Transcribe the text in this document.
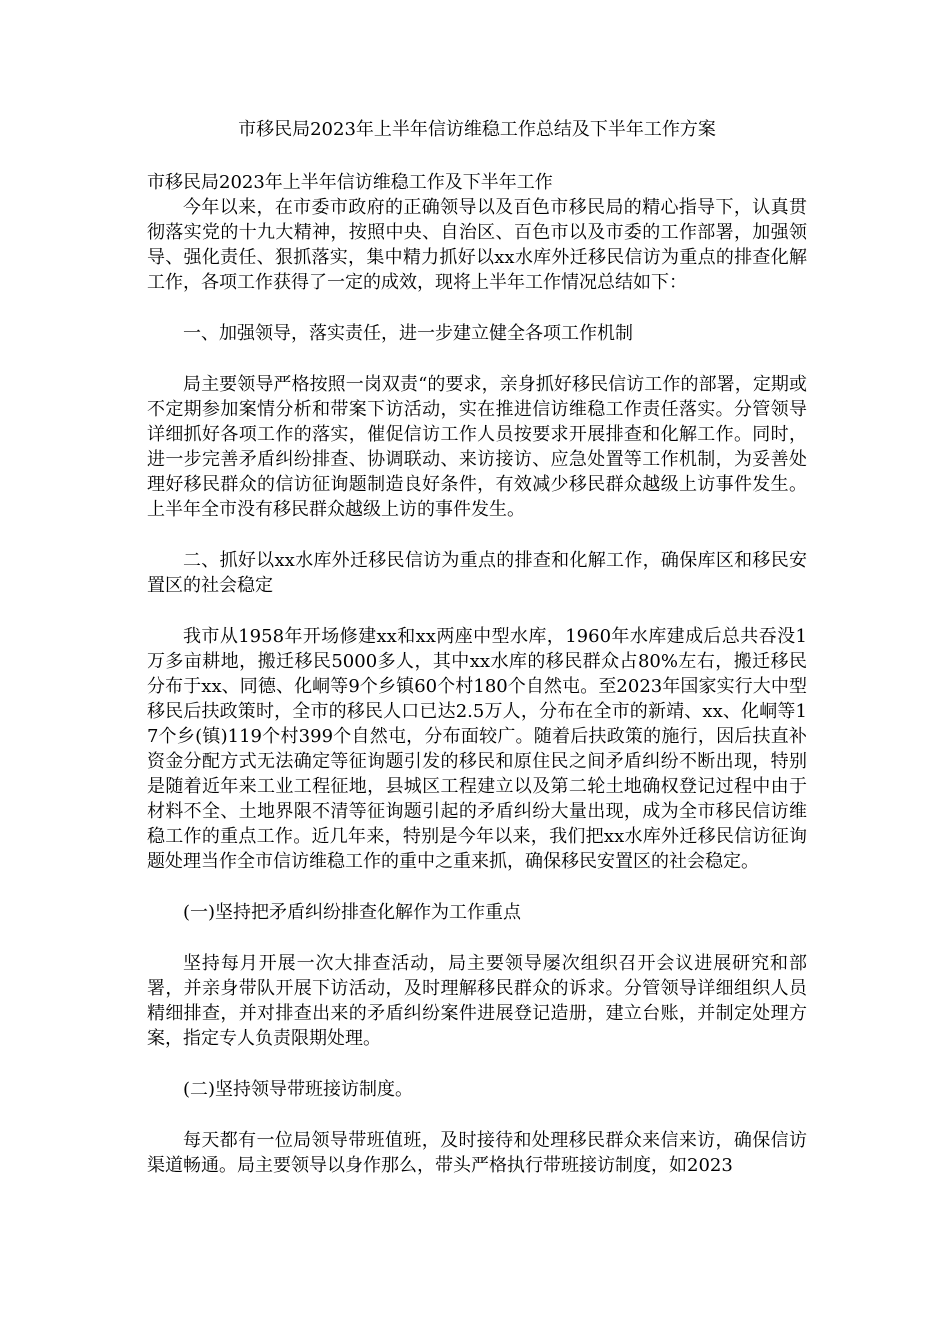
市移民局2023年上半年信访维稳工作总结及下半年工作方案
市移民局2023年上半年信访维稳工作及下半年工作

今年以来，在市委市政府的正确领导以及百色市移民局的精心指导下，认真贯彻落实党的十九大精神，按照中央、自治区、百色市以及市委的工作部署，加强领导、强化责任、狠抓落实，集中精力抓好以xx水库外迁移民信访为重点的排查化解工作，各项工作获得了一定的成效，现将上半年工作情况总结如下：

一、加强领导，落实责任，进一步建立健全各项工作机制

局主要领导严格按照一岗双责“的要求，亲身抓好移民信访工作的部署，定期或不定期参加案情分析和带案下访活动，实在推进信访维稳工作责任落实。分管领导详细抓好各项工作的落实，催促信访工作人员按要求开展排查和化解工作。同时，进一步完善矛盾纠纷排查、协调联动、来访接访、应急处置等工作机制，为妥善处理好移民群众的信访征询题制造良好条件，有效减少移民群众越级上访事件发生。上半年全市没有移民群众越级上访的事件发生。

二、抓好以xx水库外迁移民信访为重点的排查和化解工作，确保库区和移民安置区的社会稳定

我市从1958年开场修建xx和xx两座中型水库，1960年水库建成后总共吞没1万多亩耕地，搬迁移民5000多人，其中xx水库的移民群众占80%左右，搬迁移民分布于xx、同德、化峒等9个乡镇60个村180个自然屯。至2023年国家实行大中型移民后扶政策时，全市的移民人口已达2.5万人，分布在全市的新靖、xx、化峒等17个乡(镇)119个村399个自然屯，分布面较广。随着后扶政策的施行，因后扶直补资金分配方式无法确定等征询题引发的移民和原住民之间矛盾纠纷不断出现，特别是随着近年来工业工程征地，县城区工程建立以及第二轮土地确权登记过程中由于材料不全、土地界限不清等征询题引起的矛盾纠纷大量出现，成为全市移民信访维稳工作的重点工作。近几年来，特别是今年以来，我们把xx水库外迁移民信访征询题处理当作全市信访维稳工作的重中之重来抓，确保移民安置区的社会稳定。

(一)坚持把矛盾纠纷排查化解作为工作重点

坚持每月开展一次大排查活动，局主要领导屡次组织召开会议进展研究和部署，并亲身带队开展下访活动，及时理解移民群众的诉求。分管领导详细组织人员精细排查，并对排查出来的矛盾纠纷案件进展登记造册，建立台账，并制定处理方案，指定专人负责限期处理。

(二)坚持领导带班接访制度。

每天都有一位局领导带班值班，及时接待和处理移民群众来信来访，确保信访渠道畅通。局主要领导以身作那么，带头严格执行带班接访制度，如2023
